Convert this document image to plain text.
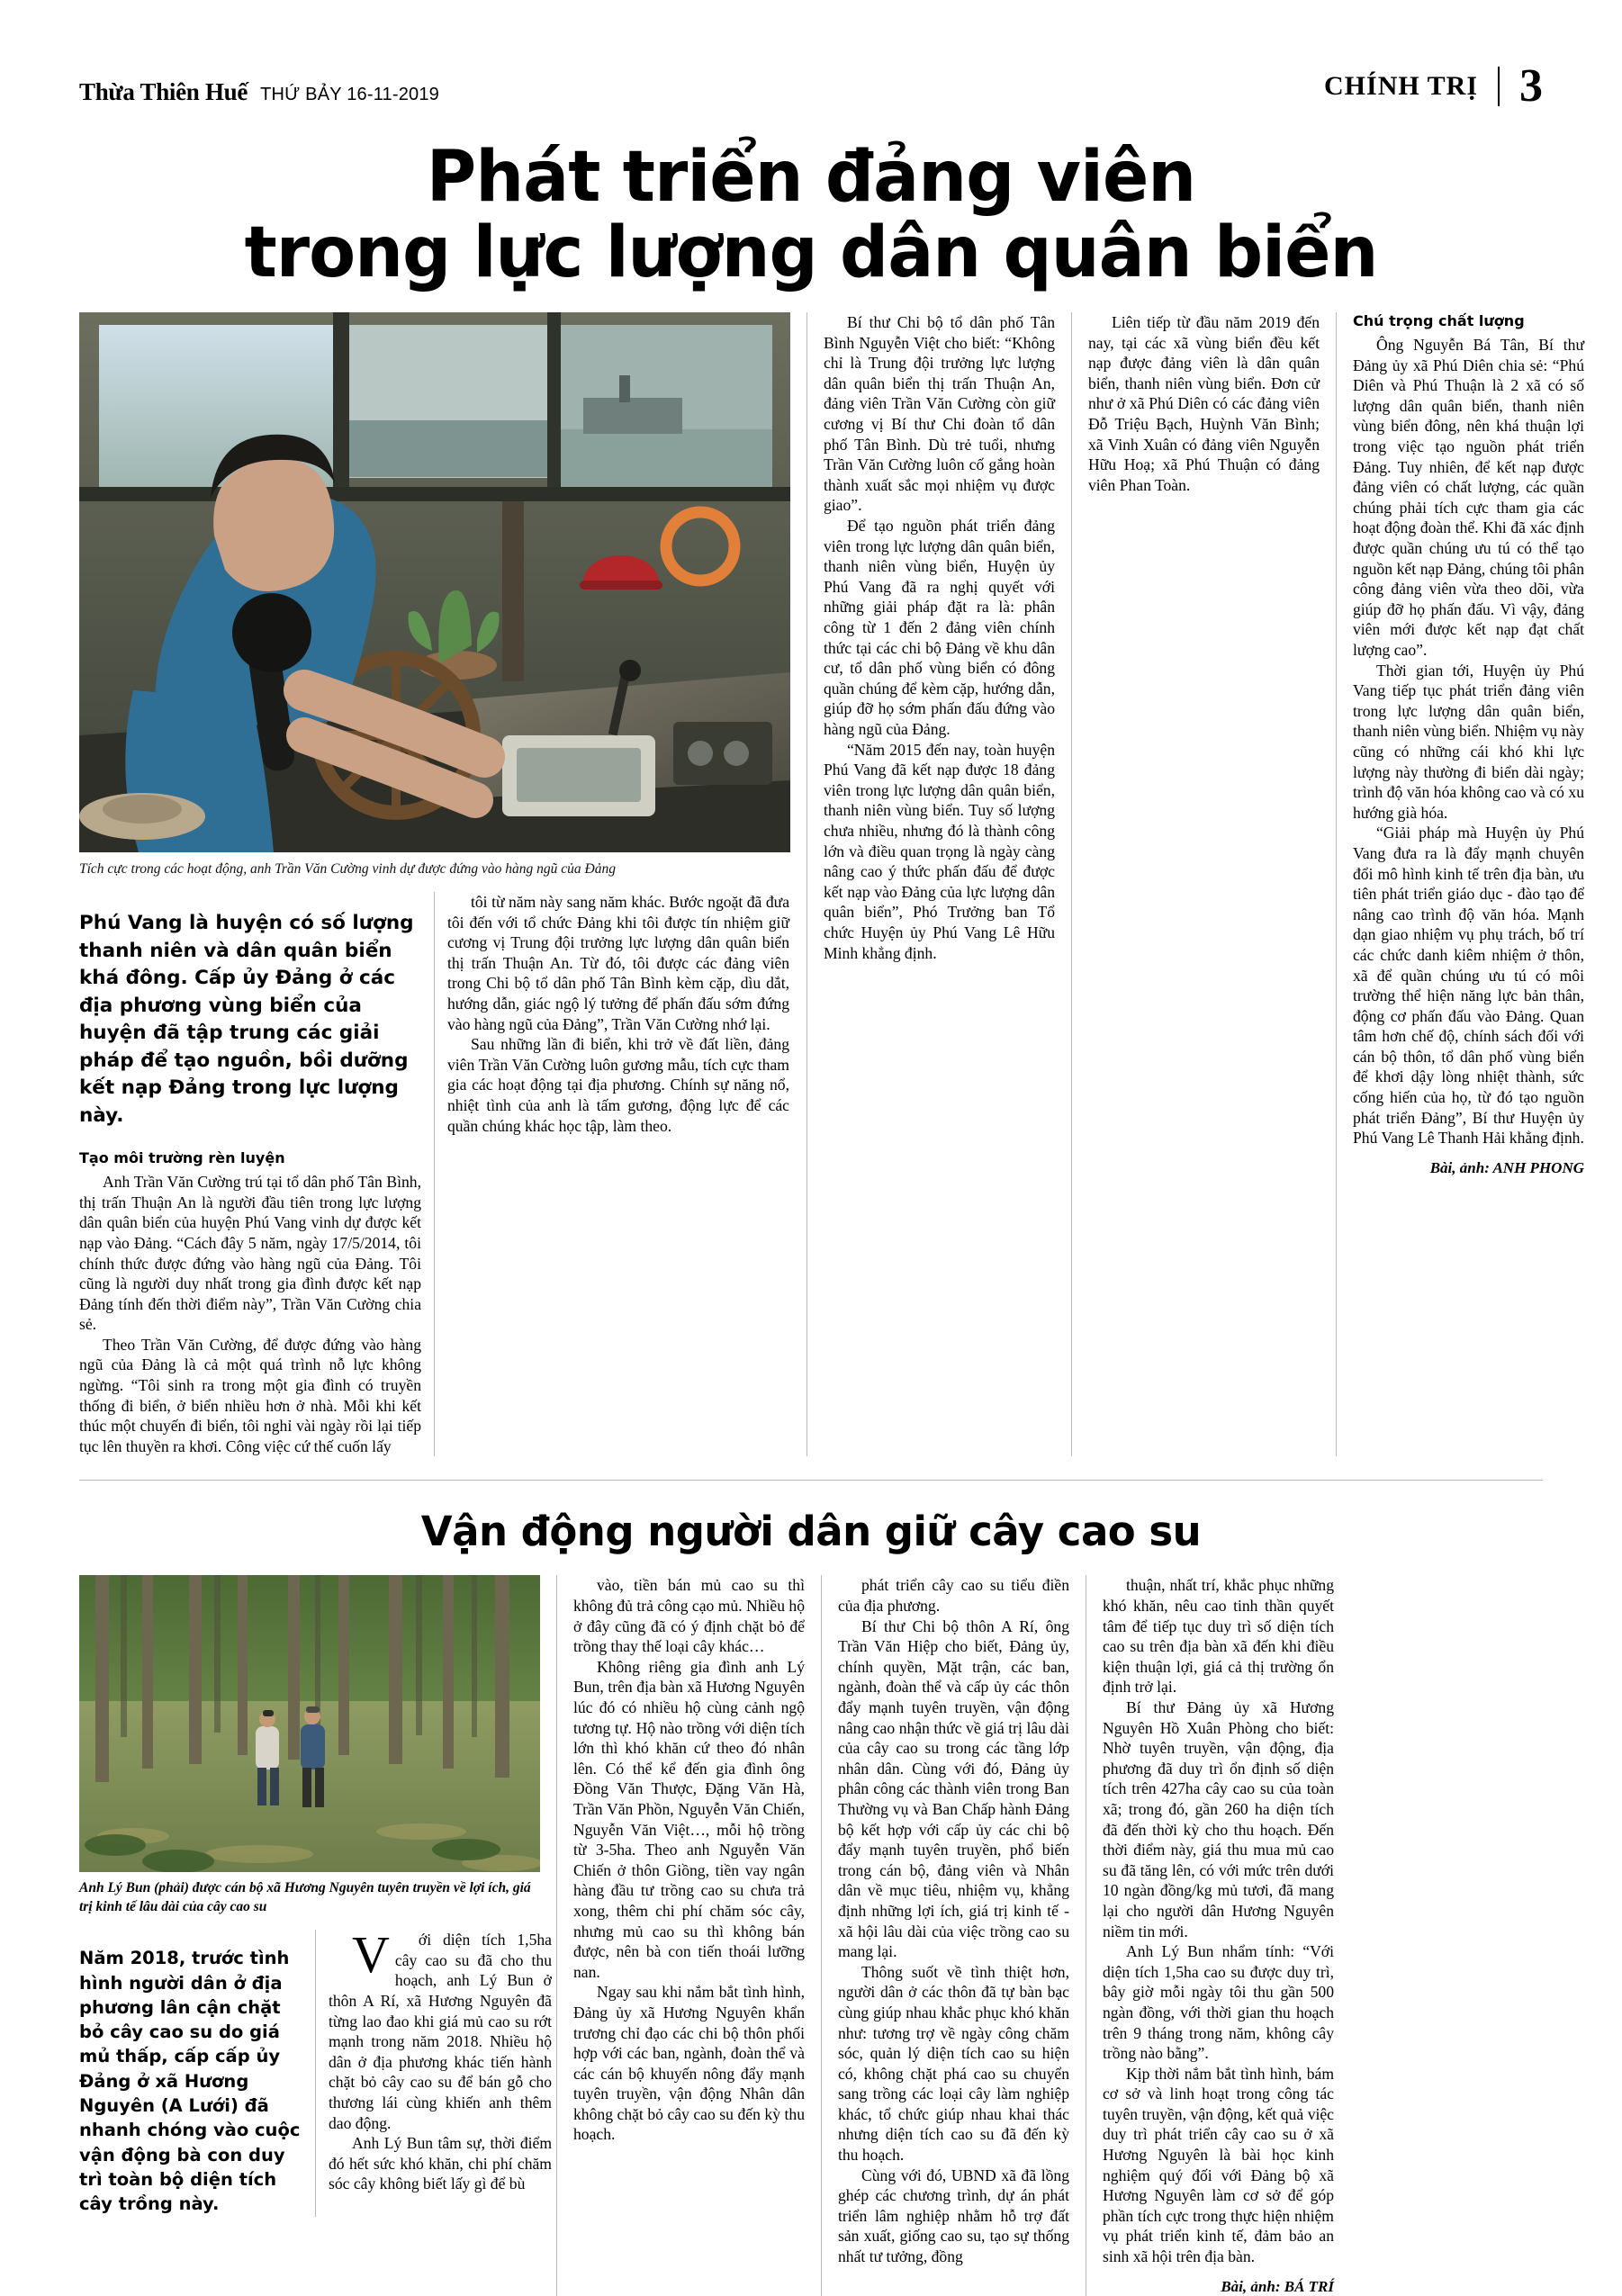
Thừa Thiên Huế THỨ BẢY 16-11-2019	CHÍNH TRỊ 3
Phát triển đảng viên
trong lực lượng dân quân biển
Tích cực trong các hoạt động, anh Trần Văn Cường vinh dự được đứng vào hàng ngũ của Đảng
Phú Vang là huyện có số lượng thanh niên và dân quân biển khá đông. Cấp ủy Đảng ở các địa phương vùng biển của huyện đã tập trung các giải pháp để tạo nguồn, bồi dưỡng kết nạp Đảng trong lực lượng này.
Tạo môi trường rèn luyện

Anh Trần Văn Cường trú tại tổ dân phố Tân Bình, thị trấn Thuận An là người đầu tiên trong lực lượng dân quân biển của huyện Phú Vang vinh dự được kết nạp vào Đảng. “Cách đây 5 năm, ngày 17/5/2014, tôi chính thức được đứng vào hàng ngũ của Đảng. Tôi cũng là người duy nhất trong gia đình được kết nạp Đảng tính đến thời điểm này”, Trần Văn Cường chia sẻ.

Theo Trần Văn Cường, để được đứng vào hàng ngũ của Đảng là cả một quá trình nỗ lực không ngừng. “Tôi sinh ra trong một gia đình có truyền thống đi biển, ở biển nhiều hơn ở nhà. Mỗi khi kết thúc một chuyến đi biển, tôi nghỉ vài ngày rồi lại tiếp tục lên thuyền ra khơi. Công việc cứ thế cuốn lấy

tôi từ năm này sang năm khác. Bước ngoặt đã đưa tôi đến với tổ chức Đảng khi tôi được tín nhiệm giữ cương vị Trung đội trưởng lực lượng dân quân biển thị trấn Thuận An. Từ đó, tôi được các đảng viên trong Chi bộ tổ dân phố Tân Bình kèm cặp, dìu dắt, hướng dẫn, giác ngộ lý tưởng để phấn đấu sớm đứng vào hàng ngũ của Đảng”, Trần Văn Cường nhớ lại.

Sau những lần đi biển, khi trở về đất liền, đảng viên Trần Văn Cường luôn gương mẫu, tích cực tham gia các hoạt động tại địa phương. Chính sự năng nổ, nhiệt tình của anh là tấm gương, động lực để các quần chúng khác học tập, làm theo.

Bí thư Chi bộ tổ dân phố Tân Bình Nguyễn Việt cho biết: “Không chỉ là Trung đội trưởng lực lượng dân quân biển thị trấn Thuận An, đảng viên Trần Văn Cường còn giữ cương vị Bí thư Chi đoàn tổ dân phố Tân Bình. Dù trẻ tuổi, nhưng Trần Văn Cường luôn cố gắng hoàn thành xuất sắc mọi nhiệm vụ được giao”.

Để tạo nguồn phát triển đảng viên trong lực lượng dân quân biển, thanh niên vùng biển, Huyện ủy Phú Vang đã ra nghị quyết với những giải pháp đặt ra là: phân công từ 1 đến 2 đảng viên chính thức tại các chi bộ Đảng về khu dân cư, tổ dân phố vùng biển có đông quần chúng để kèm cặp, hướng dẫn, giúp đỡ họ sớm phấn đấu đứng vào hàng ngũ của Đảng.

“Năm 2015 đến nay, toàn huyện Phú Vang đã kết nạp được 18 đảng viên trong lực lượng dân quân biển, thanh niên vùng biển. Tuy số lượng chưa nhiều, nhưng đó là thành công lớn và điều quan trọng là ngày càng nâng cao ý thức phấn đấu để được kết nạp vào Đảng của lực lượng dân quân biển”, Phó Trưởng ban Tổ chức Huyện ủy Phú Vang Lê Hữu Minh khẳng định.

Liên tiếp từ đầu năm 2019 đến nay, tại các xã vùng biển đều kết nạp được đảng viên là dân quân biển, thanh niên vùng biển. Đơn cử như ở xã Phú Diên có các đảng viên Đỗ Triệu Bạch, Huỳnh Văn Bình; xã Vinh Xuân có đảng viên Nguyễn Hữu Hoạ; xã Phú Thuận có đảng viên Phan Toàn.

Chú trọng chất lượng

Ông Nguyễn Bá Tân, Bí thư Đảng ủy xã Phú Diên chia sẻ: “Phú Diên và Phú Thuận là 2 xã có số lượng dân quân biển, thanh niên vùng biển đông, nên khá thuận lợi trong việc tạo nguồn phát triển Đảng. Tuy nhiên, để kết nạp được đảng viên có chất lượng, các quần chúng phải tích cực tham gia các hoạt động đoàn thể. Khi đã xác định được quần chúng ưu tú có thể tạo nguồn kết nạp Đảng, chúng tôi phân công đảng viên vừa theo dõi, vừa giúp đỡ họ phấn đấu. Vì vậy, đảng viên mới được kết nạp đạt chất lượng cao”.

Thời gian tới, Huyện ủy Phú Vang tiếp tục phát triển đảng viên trong lực lượng dân quân biển, thanh niên vùng biển. Nhiệm vụ này cũng có những cái khó khi lực lượng này thường đi biển dài ngày; trình độ văn hóa không cao và có xu hướng già hóa.

“Giải pháp mà Huyện ủy Phú Vang đưa ra là đẩy mạnh chuyên đổi mô hình kinh tế trên địa bàn, ưu tiên phát triển giáo dục - đào tạo để nâng cao trình độ văn hóa. Mạnh dạn giao nhiệm vụ phụ trách, bố trí các chức danh kiêm nhiệm ở thôn, xã để quần chúng ưu tú có môi trường thể hiện năng lực bản thân, động cơ phấn đấu vào Đảng. Quan tâm hơn chế độ, chính sách đối với cán bộ thôn, tổ dân phố vùng biển để khơi dậy lòng nhiệt thành, sức cống hiến của họ, từ đó tạo nguồn phát triển Đảng”, Bí thư Huyện ủy Phú Vang Lê Thanh Hải khẳng định.

Bài, ảnh: ANH PHONG
Vận động người dân giữ cây cao su
Anh Lý Bun (phải) được cán bộ xã Hương Nguyên tuyên truyền về lợi ích, giá trị kinh tế lâu dài của cây cao su
Năm 2018, trước tình hình người dân ở địa phương lân cận chặt bỏ cây cao su do giá mủ thấp, cấp cấp ủy Đảng ở xã Hương Nguyên (A Lưới) đã nhanh chóng vào cuộc vận động bà con duy trì toàn bộ diện tích cây trồng này.

Với diện tích 1,5ha cây cao su đã cho thu hoạch, anh Lý Bun ở thôn A Rí, xã Hương Nguyên đã từng lao đao khi giá mủ cao su rớt mạnh trong năm 2018. Nhiều hộ dân ở địa phương khác tiến hành chặt bỏ cây cao su để bán gỗ cho thương lái cùng khiến anh thêm dao động.

Anh Lý Bun tâm sự, thời điểm đó hết sức khó khăn, chi phí chăm sóc cây không biết lấy gì để bù

vào, tiền bán mủ cao su thì không đủ trả công cạo mủ. Nhiều hộ ở đây cũng đã có ý định chặt bỏ để trồng thay thế loại cây khác…

Không riêng gia đình anh Lý Bun, trên địa bàn xã Hương Nguyên lúc đó có nhiều hộ cùng cảnh ngộ tương tự. Hộ nào trồng với diện tích lớn thì khó khăn cứ theo đó nhân lên. Có thể kể đến gia đình ông Đồng Văn Thược, Đặng Văn Hà, Trần Văn Phồn, Nguyễn Văn Chiến, Nguyễn Văn Việt…, mỗi hộ trồng từ 3-5ha. Theo anh Nguyễn Văn Chiến ở thôn Giồng, tiền vay ngân hàng đầu tư trồng cao su chưa trả xong, thêm chi phí chăm sóc cây, nhưng mủ cao su thì không bán được, nên bà con tiến thoái lưỡng nan.

Ngay sau khi nắm bắt tình hình, Đảng ủy xã Hương Nguyên khẩn trương chỉ đạo các chi bộ thôn phối hợp với các ban, ngành, đoàn thể và các cán bộ khuyến nông đẩy mạnh tuyên truyền, vận động Nhân dân không chặt bỏ cây cao su đến kỳ thu hoạch.

phát triển cây cao su tiểu điền của địa phương.

Bí thư Chi bộ thôn A Rí, ông Trần Văn Hiệp cho biết, Đảng ủy, chính quyền, Mặt trận, các ban, ngành, đoàn thể và cấp ủy các thôn đẩy mạnh tuyên truyền, vận động nâng cao nhận thức về giá trị lâu dài của cây cao su trong các tầng lớp nhân dân. Cùng với đó, Đảng ủy phân công các thành viên trong Ban Thường vụ và Ban Chấp hành Đảng bộ kết hợp với cấp ủy các chi bộ đẩy mạnh tuyên truyền, phổ biến trong cán bộ, đảng viên và Nhân dân về mục tiêu, nhiệm vụ, khẳng định những lợi ích, giá trị kinh tế - xã hội lâu dài của việc trồng cao su mang lại.

Thông suốt về tình thiệt hơn, người dân ở các thôn đã tự bàn bạc cùng giúp nhau khắc phục khó khăn như: tương trợ về ngày công chăm sóc, quản lý diện tích cao su hiện có, không chặt phá cao su chuyển sang trồng các loại cây làm nghiệp khác, tổ chức giúp nhau khai thác nhưng diện tích cao su đã đến kỳ thu hoạch.

Cùng với đó, UBND xã đã lồng ghép các chương trình, dự án phát triển lâm nghiệp nhằm hỗ trợ đất sản xuất, giống cao su, tạo sự thống nhất tư tưởng, đồng

thuận, nhất trí, khắc phục những khó khăn, nêu cao tinh thần quyết tâm để tiếp tục duy trì số diện tích cao su trên địa bàn xã đến khi điều kiện thuận lợi, giá cả thị trường ổn định trở lại.

Bí thư Đảng ủy xã Hương Nguyên Hồ Xuân Phòng cho biết: Nhờ tuyên truyền, vận động, địa phương đã duy trì ổn định số diện tích trên 427ha cây cao su của toàn xã; trong đó, gần 260 ha diện tích đã đến thời kỳ cho thu hoạch. Đến thời điểm này, giá thu mua mủ cao su đã tăng lên, có với mức trên dưới 10 ngàn đồng/kg mủ tươi, đã mang lại cho người dân Hương Nguyên niềm tin mới.

Anh Lý Bun nhẩm tính: “Với diện tích 1,5ha cao su được duy trì, bây giờ mỗi ngày tôi thu gần 500 ngàn đồng, với thời gian thu hoạch trên 9 tháng trong năm, không cây trồng nào bằng”.

Kịp thời nắm bắt tình hình, bám cơ sở và linh hoạt trong công tác tuyên truyền, vận động, kết quả việc duy trì phát triển cây cao su ở xã Hương Nguyên là bài học kinh nghiệm quý đối với Đảng bộ xã Hương Nguyên làm cơ sở để góp phần tích cực trong thực hiện nhiệm vụ phát triển kinh tế, đảm bảo an sinh xã hội trên địa bàn.

Bài, ảnh: BÁ TRÍ
